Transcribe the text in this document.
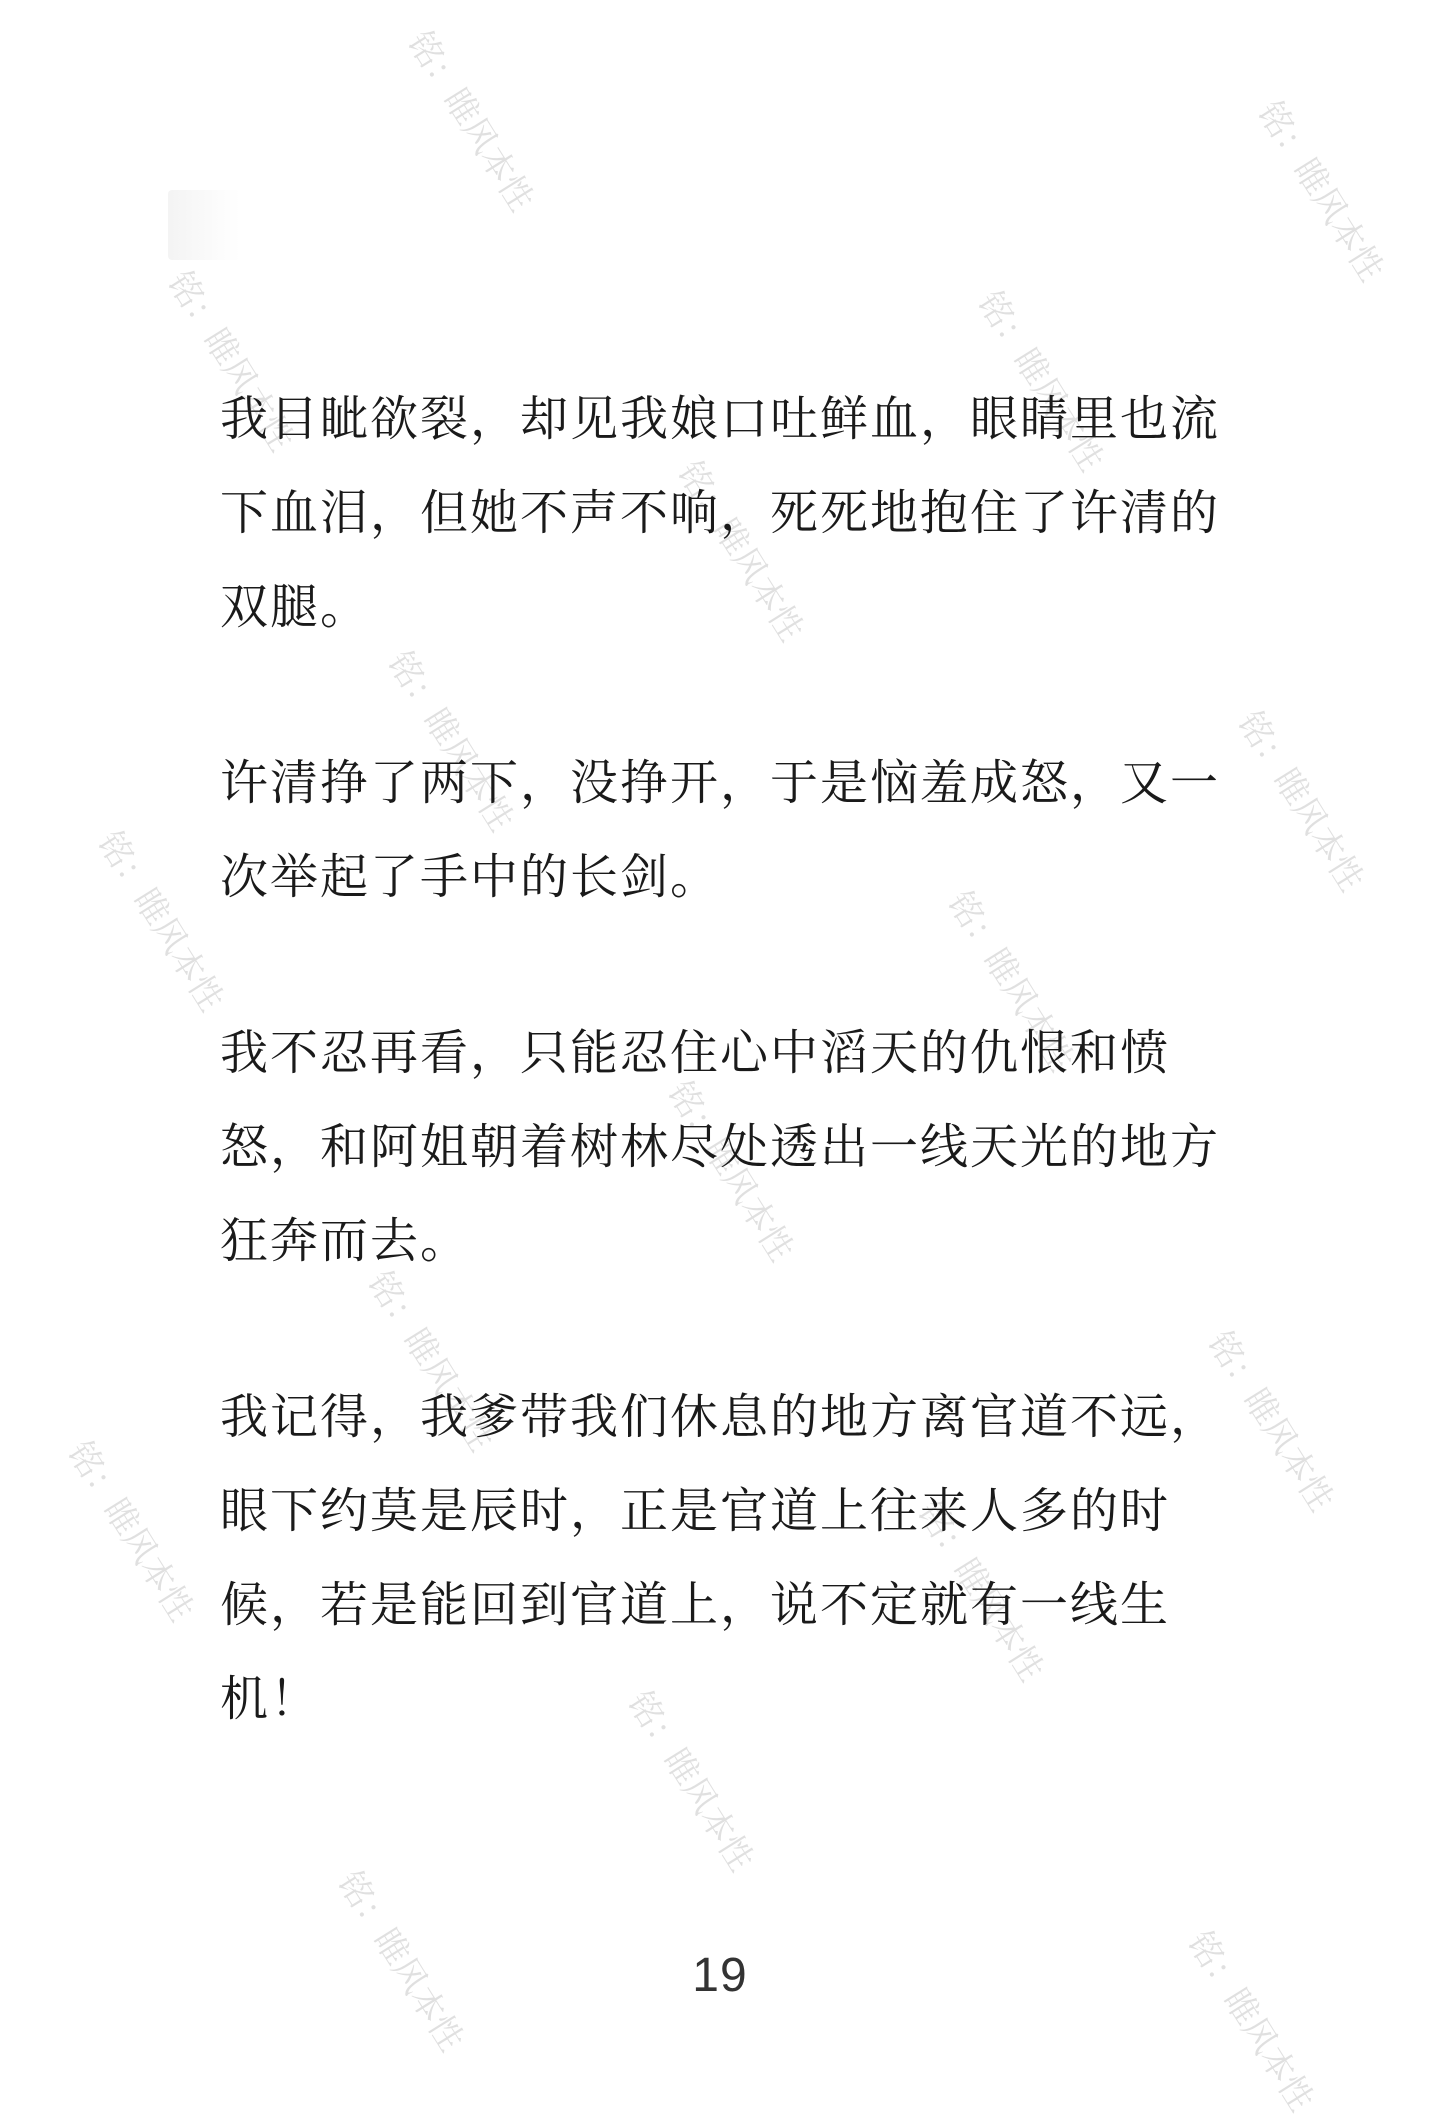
铭：睢风本性	铭：睢风本性
铭：睢风本性	铭：睢风本性
铭：睢风本性
铭：睢风本性	铭：睢风本性
铭：睢风本性	铭：睢风本性
铭：睢风本性
铭：睢风本性	铭：睢风本性
铭：睢风本性	铭：睢风本性
铭：睢风本性
铭：睢风本性	铭：睢风本性

我目眦欲裂，却见我娘口吐鲜血，眼睛里也流下血泪，但她不声不响，死死地抱住了许清的双腿。

许清挣了两下，没挣开，于是恼羞成怒，又一次举起了手中的长剑。

我不忍再看，只能忍住心中滔天的仇恨和愤怒，和阿姐朝着树林尽处透出一线天光的地方狂奔而去。

我记得，我爹带我们休息的地方离官道不远，眼下约莫是辰时，正是官道上往来人多的时候，若是能回到官道上，说不定就有一线生机！

19
